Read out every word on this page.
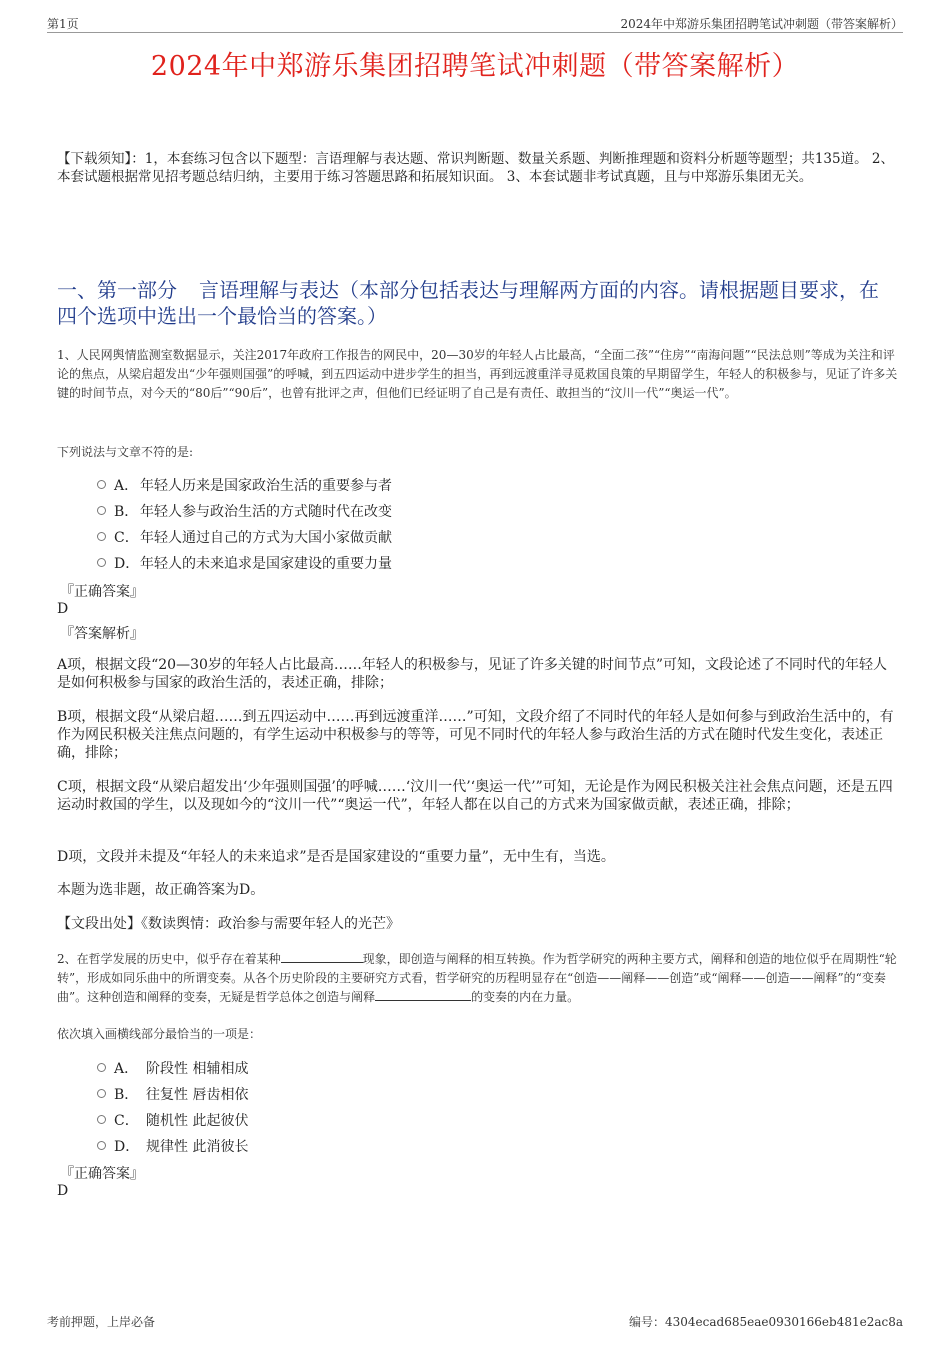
第1页	2024年中郑游乐集团招聘笔试冲刺题（带答案解析）
2024年中郑游乐集团招聘笔试冲刺题（带答案解析）
【下载须知】：1，本套练习包含以下题型：言语理解与表达题、常识判断题、数量关系题、判断推理题和资料分析题等题型；共135道。 2、本套试题根据常见招考题总结归纳，主要用于练习答题思路和拓展知识面。 3、本套试题非考试真题，且与中郑游乐集团无关。
一、第一部分 言语理解与表达（本部分包括表达与理解两方面的内容。请根据题目要求，在四个选项中选出一个最恰当的答案。）
1、人民网舆情监测室数据显示，关注2017年政府工作报告的网民中，20—30岁的年轻人占比最高，“全面二孩”“住房”“南海问题”“民法总则”等成为关注和评论的焦点，从梁启超发出“少年强则国强”的呼喊，到五四运动中进步学生的担当，再到远渡重洋寻觅救国良策的早期留学生，年轻人的积极参与，见证了许多关键的时间节点，对今天的“80后”“90后”，也曾有批评之声，但他们已经证明了自己是有责任、敢担当的“汶川一代”“奥运一代”。
下列说法与文章不符的是:
A． 年轻人历来是国家政治生活的重要参与者
B． 年轻人参与政治生活的方式随时代在改变
C．年轻人通过自己的方式为大国小家做贡献
D．年轻人的未来追求是国家建设的重要力量
『正确答案』
D
『答案解析』
A项，根据文段“20—30岁的年轻人占比最高……年轻人的积极参与，见证了许多关键的时间节点”可知，文段论述了不同时代的年轻人是如何积极参与国家的政治生活的，表述正确，排除；
B项，根据文段“从梁启超……到五四运动中……再到远渡重洋……”可知，文段介绍了不同时代的年轻人是如何参与到政治生活中的，有作为网民积极关注焦点问题的，有学生运动中积极参与的等等，可见不同时代的年轻人参与政治生活的方式在随时代发生变化，表述正确，排除；
C项，根据文段“从梁启超发出‘少年强则国强’的呼喊……‘汶川一代’‘奥运一代’”可知，无论是作为网民积极关注社会焦点问题，还是五四运动时救国的学生，以及现如今的“汶川一代”“奥运一代”，年轻人都在以自己的方式来为国家做贡献，表述正确，排除；
D项，文段并未提及“年轻人的未来追求”是否是国家建设的“重要力量”，无中生有，当选。
本题为选非题，故正确答案为D。
【文段出处】《数读舆情：政治参与需要年轻人的光芒》
2、在哲学发展的历史中，似乎存在着某种	现象，即创造与阐释的相互转换。作为哲学研究的两种主要方式，阐释和创造的地位似乎在周期性“轮转”，形成如同乐曲中的所谓变奏。从各个历史阶段的主要研究方式看，哲学研究的历程明显存在“创造——阐释——创造”或“阐释——创造——阐释”的“变奏曲”。这种创造和阐释的变奏，无疑是哲学总体之创造与阐释	的变奏的内在力量。
依次填入画横线部分最恰当的一项是：
A． 阶段性 相辅相成
B． 往复性 唇齿相依
C． 随机性 此起彼伏
D． 规律性 此消彼长
『正确答案』
D
考前押题，上岸必备	编号：4304ecad685eae0930166eb481e2ac8a
